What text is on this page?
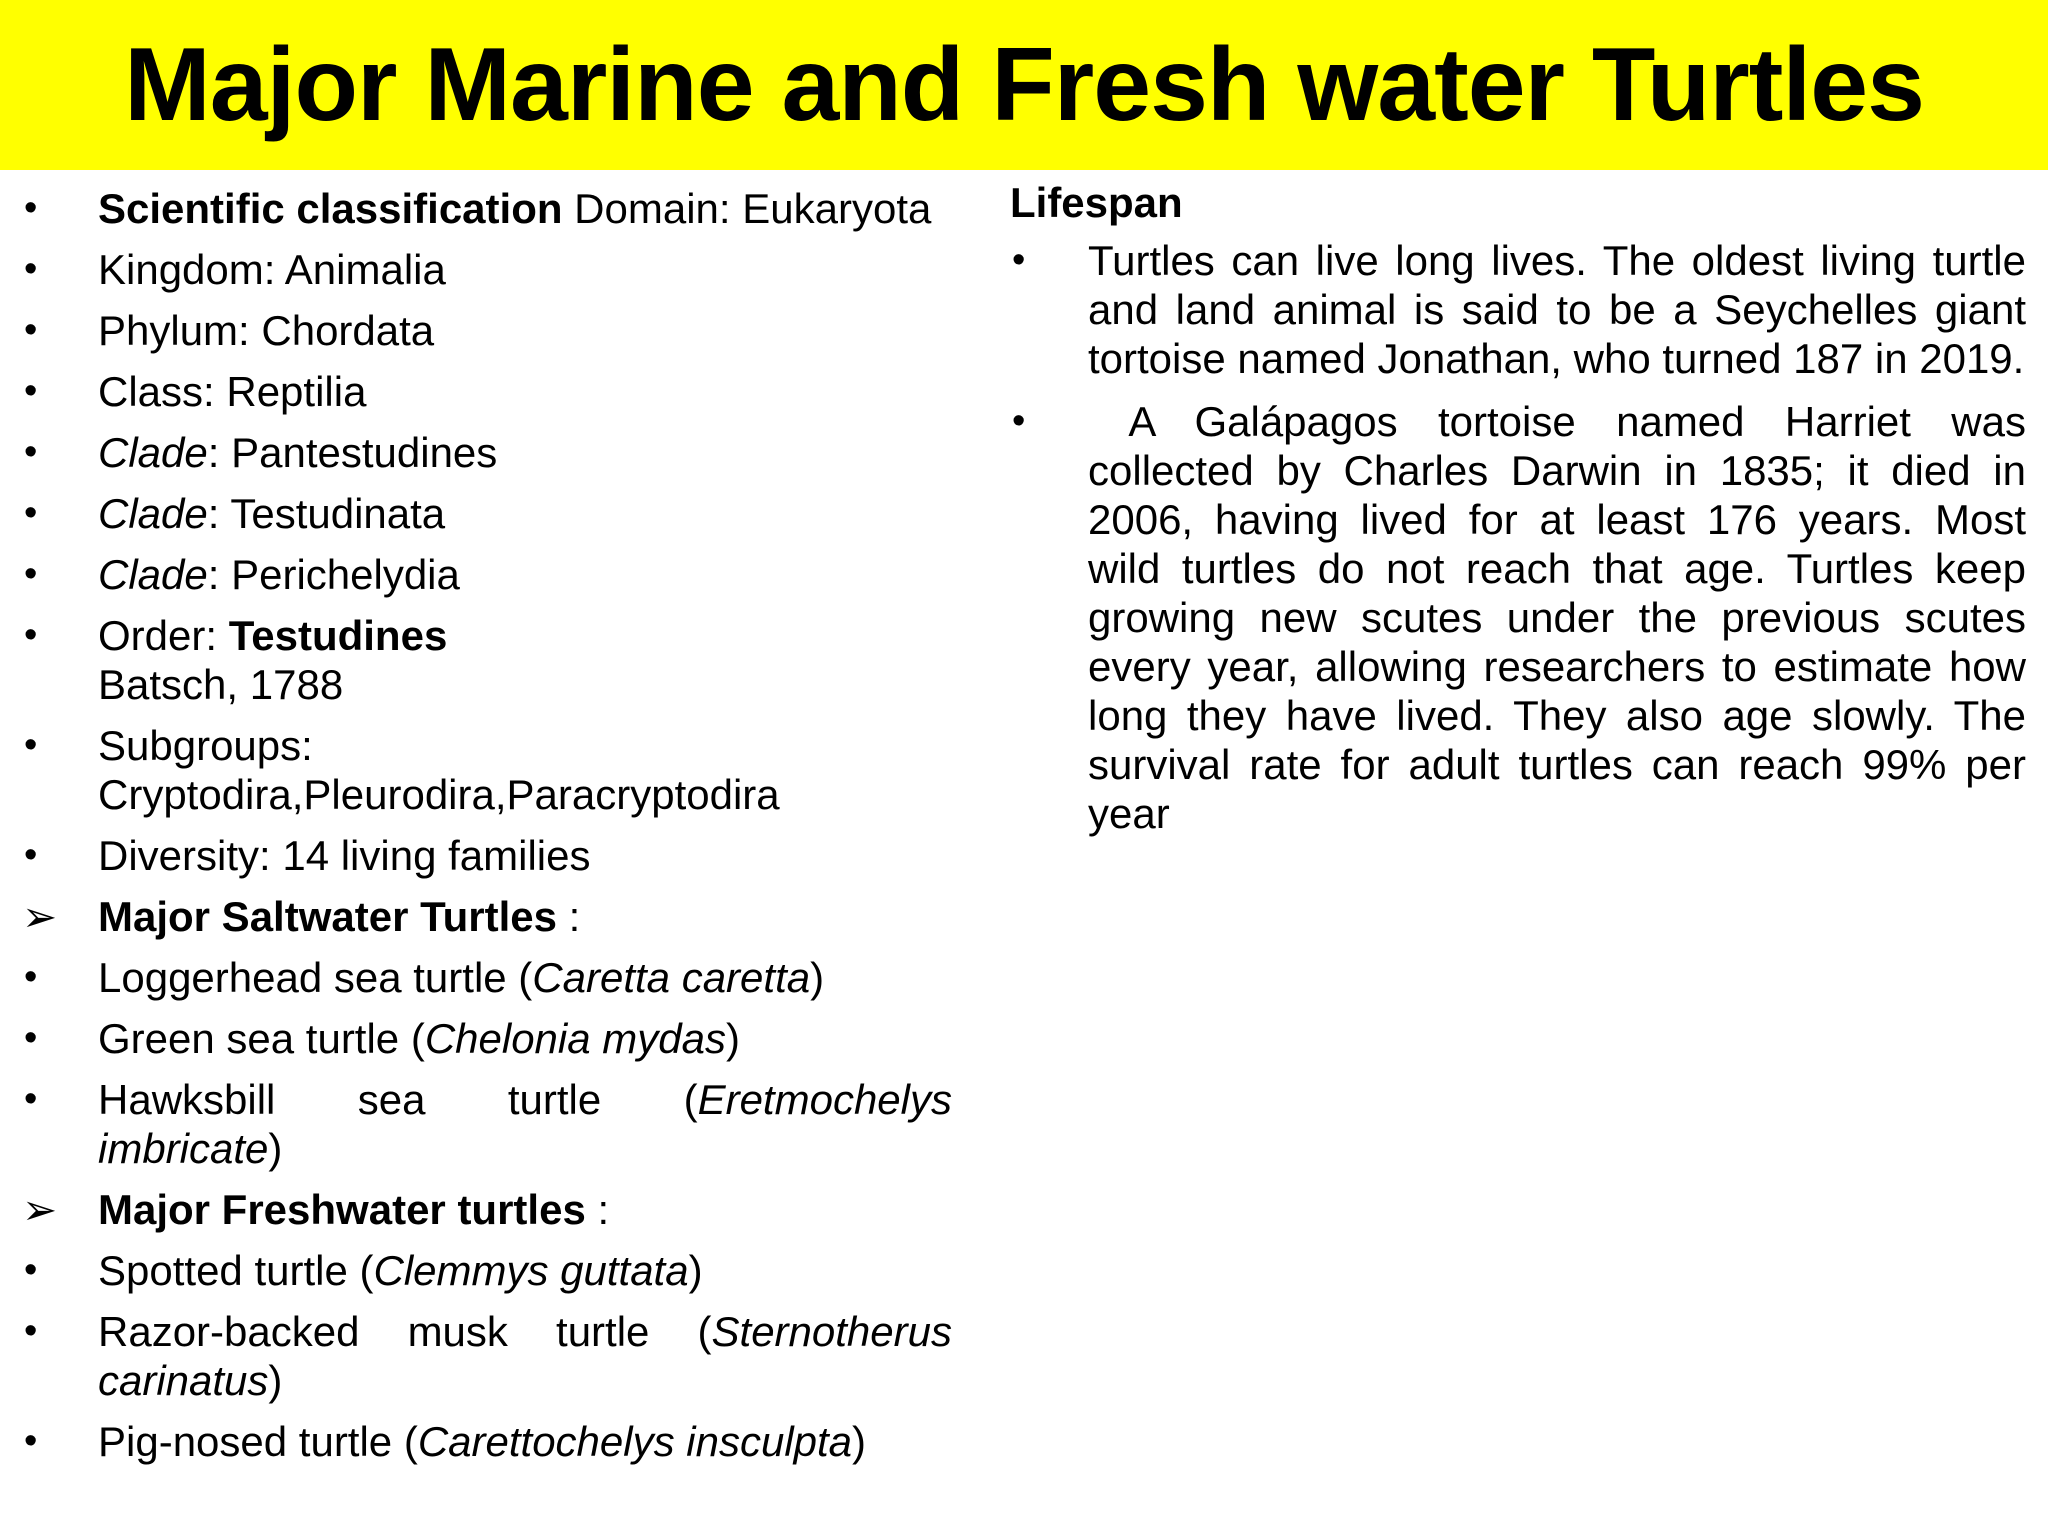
Major Marine and Fresh water Turtles
•	Scientific classification Domain: Eukaryota
•	Kingdom: Animalia
•	Phylum: Chordata
•	Class: Reptilia
•	Clade: Pantestudines
•	Clade: Testudinata
•	Clade: Perichelydia
•	Order: Testudines
Batsch, 1788
•	Subgroups:
Cryptodira,Pleurodira,Paracryptodira
•	Diversity: 14 living families
➢ Major Saltwater Turtles :
•	Loggerhead sea turtle (Caretta caretta)
•	Green sea turtle (Chelonia mydas)
•	Hawksbill sea turtle (Eretmochelys imbricate)
➢ Major Freshwater turtles :
•	Spotted turtle (Clemmys guttata)
•	Razor-backed musk turtle (Sternotherus carinatus)
•	Pig-nosed turtle (Carettochelys insculpta)
Lifespan
•	Turtles can live long lives. The oldest living turtle and land animal is said to be a Seychelles giant tortoise named Jonathan, who turned 187 in 2019.
•	A Galápagos tortoise named Harriet was collected by Charles Darwin in 1835; it died in 2006, having lived for at least 176 years. Most wild turtles do not reach that age. Turtles keep growing new scutes under the previous scutes every year, allowing researchers to estimate how long they have lived. They also age slowly. The survival rate for adult turtles can reach 99% per year
